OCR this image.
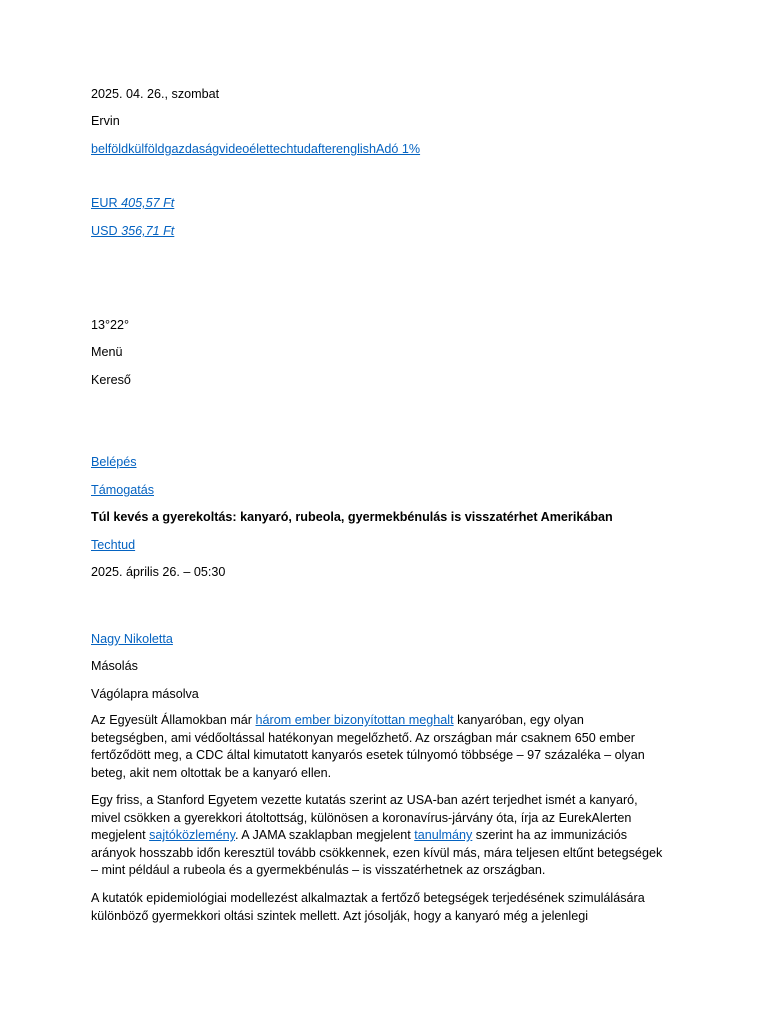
2025. 04. 26., szombat
Ervin
belföldkülföldgazdaságvideoélettechtudafterenglishAdó 1%
EUR 405,57 Ft
USD 356,71 Ft
13°22°
Menü
Kereső
Belépés
Támogatás
Túl kevés a gyerekoltás: kanyaró, rubeola, gyermekbénulás is visszatérhet Amerikában
Techtud
2025. április 26. – 05:30
Nagy Nikoletta
Másolás
Vágólapra másolva
Az Egyesült Államokban már három ember bizonyítottan meghalt kanyaróban, egy olyan
betegségben, ami védőoltással hatékonyan megelőzhető. Az országban már csaknem 650 ember
fertőződött meg, a CDC által kimutatott kanyarós esetek túlnyomó többsége – 97 százaléka – olyan
beteg, akit nem oltottak be a kanyaró ellen.
Egy friss, a Stanford Egyetem vezette kutatás szerint az USA-ban azért terjedhet ismét a kanyaró,
mivel csökken a gyerekkori átoltottság, különösen a koronavírus-járvány óta, írja az EurekAlerten
megjelent sajtóközlemény. A JAMA szaklapban megjelent tanulmány szerint ha az immunizációs
arányok hosszabb időn keresztül tovább csökkennek, ezen kívül más, mára teljesen eltűnt betegségek
– mint például a rubeola és a gyermekbénulás – is visszatérhetnek az országban.
A kutatók epidemiológiai modellezést alkalmaztak a fertőző betegségek terjedésének szimulálására
különböző gyermekkori oltási szintek mellett. Azt jósolják, hogy a kanyaró még a jelenlegi
